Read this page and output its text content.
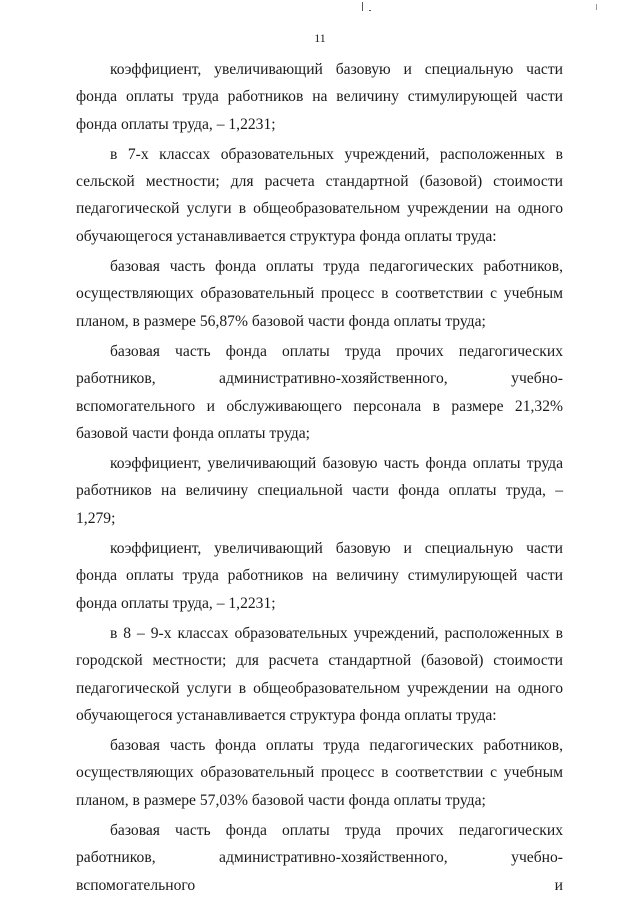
11

коэффициент, увеличивающий базовую и специальную части фонда оплаты труда работников на величину стимулирующей части фонда оплаты труда, – 1,2231;

в 7-х классах образовательных учреждений, расположенных в сельской местности; для расчета стандартной (базовой) стоимости педагогической услуги в общеобразовательном учреждении на одного обучающегося устанавливается структура фонда оплаты труда:

базовая часть фонда оплаты труда педагогических работников, осуществляющих образовательный процесс в соответствии с учебным планом, в размере 56,87% базовой части фонда оплаты труда;

базовая часть фонда оплаты труда прочих педагогических работников, административно-хозяйственного, учебно-вспомогательного и обслуживающего персонала в размере 21,32% базовой части фонда оплаты труда;

коэффициент, увеличивающий базовую часть фонда оплаты труда работников на величину специальной части фонда оплаты труда, – 1,279;

коэффициент, увеличивающий базовую и специальную части фонда оплаты труда работников на величину стимулирующей части фонда оплаты труда, – 1,2231;

в 8 – 9-х классах образовательных учреждений, расположенных в городской местности; для расчета стандартной (базовой) стоимости педагогической услуги в общеобразовательном учреждении на одного обучающегося устанавливается структура фонда оплаты труда:

базовая часть фонда оплаты труда педагогических работников, осуществляющих образовательный процесс в соответствии с учебным планом, в размере 57,03% базовой части фонда оплаты труда;

базовая часть фонда оплаты труда прочих педагогических работников, административно-хозяйственного, учебно-вспомогательного и
